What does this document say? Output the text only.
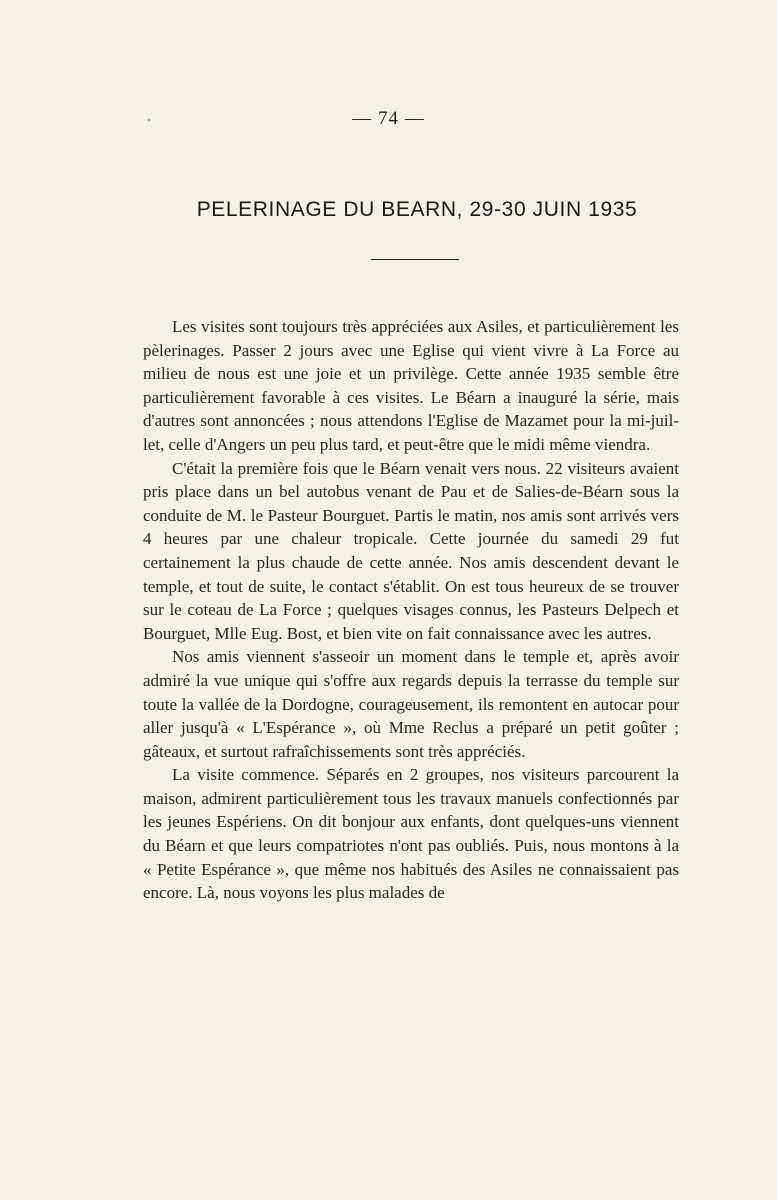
— 74 —
PELERINAGE DU BEARN, 29-30 JUIN 1935

Les visites sont toujours très appréciées aux Asiles, et particulièrement les pèlerinages. Passer 2 jours avec une Eglise qui vient vivre à La Force au milieu de nous est une joie et un privilège. Cette année 1935 semble être particulièrement favorable à ces visites. Le Béarn a inauguré la série, mais d'autres sont annoncées ; nous attendons l'Eglise de Mazamet pour la mi-juillet, celle d'Angers un peu plus tard, et peut-être que le midi même viendra.

C'était la première fois que le Béarn venait vers nous. 22 visiteurs avaient pris place dans un bel autobus venant de Pau et de Salies-de-Béarn sous la conduite de M. le Pasteur Bourguet. Partis le matin, nos amis sont arrivés vers 4 heures par une chaleur tropicale. Cette journée du samedi 29 fut certainement la plus chaude de cette année. Nos amis descendent devant le temple, et tout de suite, le contact s'établit. On est tous heureux de se trouver sur le coteau de La Force ; quelques visages connus, les Pasteurs Delpech et Bourguet, Mlle Eug. Bost, et bien vite on fait connaissance avec les autres.

Nos amis viennent s'asseoir un moment dans le temple et, après avoir admiré la vue unique qui s'offre aux regards depuis la terrasse du temple sur toute la vallée de la Dordogne, courageusement, ils remontent en autocar pour aller jusqu'à « L'Espérance », où Mme Reclus a préparé un petit goûter ; gâteaux, et surtout rafraîchissements sont très appréciés.

La visite commence. Séparés en 2 groupes, nos visiteurs parcourent la maison, admirent particulièrement tous les travaux manuels confectionnés par les jeunes Espériens. On dit bonjour aux enfants, dont quelques-uns viennent du Béarn et que leurs compatriotes n'ont pas oubliés. Puis, nous montons à la « Petite Espérance », que même nos habitués des Asiles ne connaissaient pas encore. Là, nous voyons les plus malades de
